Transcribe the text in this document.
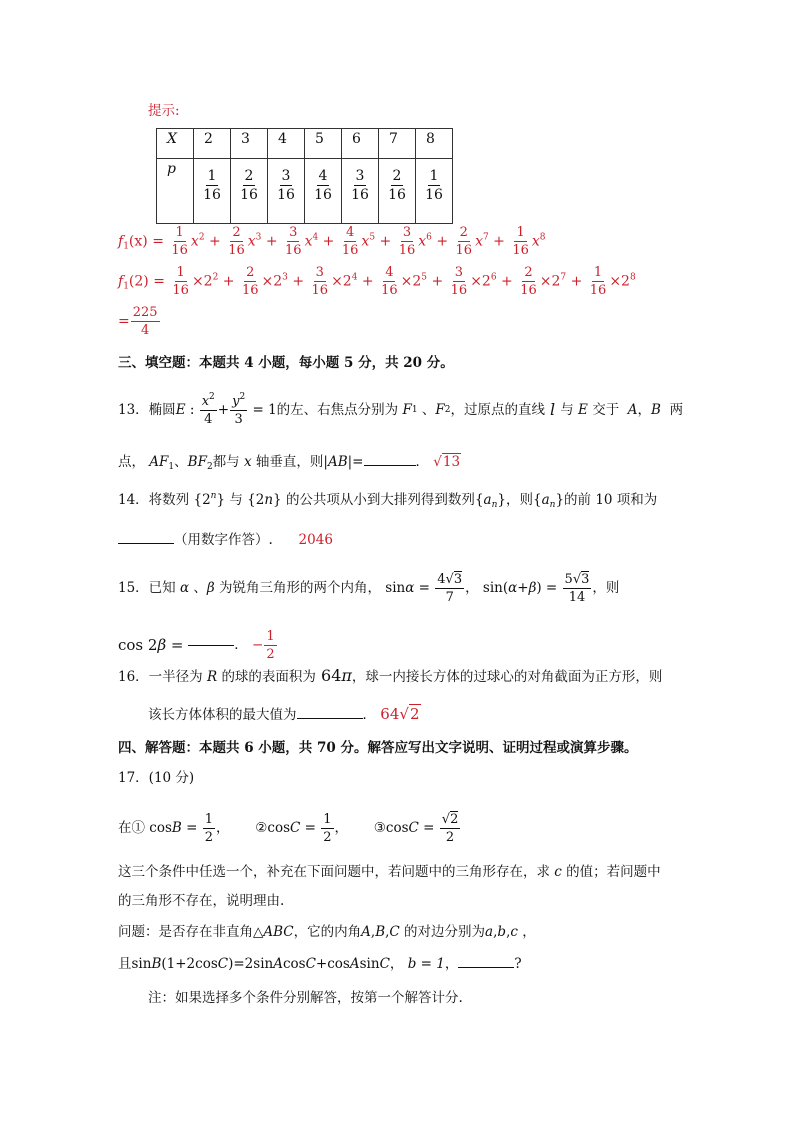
提示:
X	2	3	4	5	6	7	8
p	$\frac{1}{16}$	$\frac{2}{16}$	$\frac{3}{16}$	$\frac{4}{16}$	$\frac{3}{16}$	$\frac{2}{16}$	$\frac{1}{16}$
$f_1(x) = \frac{1}{16} x^2 + \frac{2}{16} x^3 + \frac{3}{16} x^4 + \frac{4}{16} x^5 + \frac{3}{16} x^6 + \frac{2}{16} x^7 + \frac{1}{16} x^8$
$f_1(2) = \frac{1}{16} \times 2^2 + \frac{2}{16} \times 2^3 + \frac{3}{16} \times 2^4 + \frac{4}{16} \times 2^5 + \frac{3}{16} \times 2^6 + \frac{2}{16} \times 2^7 + \frac{1}{16} \times 2^8$
= $\frac{225}{4}$
三、填空题：本题共 4 小题，每小题 5 分，共 20 分。
13．椭圆 E : $\frac{x^2}{4} + \frac{y^2}{3} = 1$ 的左、右焦点分别为 F 1 、 F 2 ，过原点的直线 l 与 E 交于 A ， B 两
点， $AF_1$、$BF_2$都与 x 轴垂直，则|AB|=	． √13
14．将数列 {2$^n$} 与 {2n} 的公共项从小到大排列得到数列$\{a_n\}$，则$\{a_n\}$的前 10 项和为
（用数字作答）. 2046
15．已知
α
、 β
为锐角三角形的两个内角， $\sin \alpha = \frac{4√3}{7}$ ， sin( α + β ) = $\frac{5√3}{14}$ ，则
cos 2β =	． − $\frac{1}{2}$
16．一半径为 R 的球的表面积为 64π，球一内接长方体的过球心的对角截面为正方形，则
该长方体体积的最大值为	． 64√2
四、解答题：本题共 6 小题，共 70 分。解答应写出文字说明、证明过程或演算步骤。
17．(10 分)
在① $\cos B = \frac{1}{2}$ ， ② $\cos C = \frac{1}{2}$ ， ③ $\cos C = \frac{√2}{2}$
这三个条件中任选一个，补充在下面问题中，若问题中的三角形存在，求 c 的值；若问题中
的三角形不存在，说明理由.
问题：是否存在非直角△ABC，它的内角A,B,C 的对边分别为a,b,c ，
且sinB(1+2cosC)=2sinAcosC+cosAsinC， b = 1，	?
注：如果选择多个条件分别解答，按第一个解答计分.
